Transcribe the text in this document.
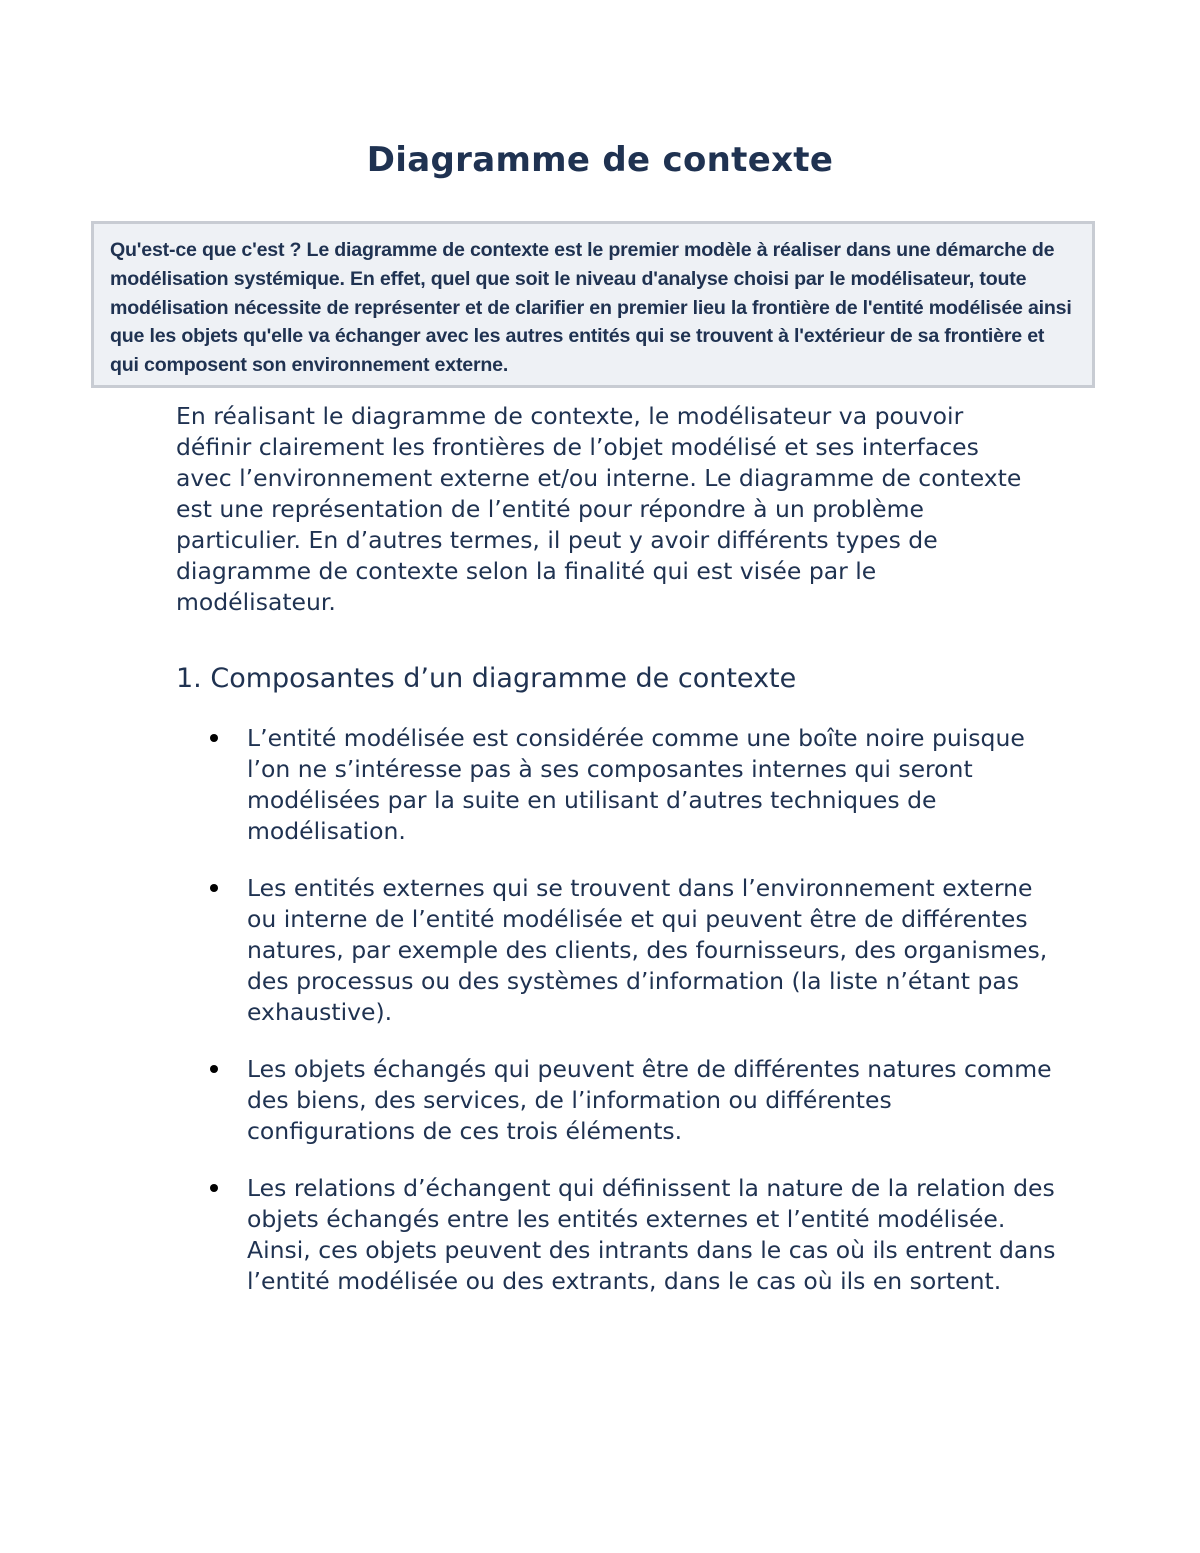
Diagramme de contexte

Qu'est-ce que c'est ? Le diagramme de contexte est le premier modèle à réaliser dans une démarche de modélisation systémique. En effet, quel que soit le niveau d'analyse choisi par le modélisateur, toute modélisation nécessite de représenter et de clarifier en premier lieu la frontière de l'entité modélisée ainsi que les objets qu'elle va échanger avec les autres entités qui se trouvent à l'extérieur de sa frontière et qui composent son environnement externe.

En réalisant le diagramme de contexte, le modélisateur va pouvoir définir clairement les frontières de l’objet modélisé et ses interfaces avec l’environnement externe et/ou interne. Le diagramme de contexte est une représentation de l’entité pour répondre à un problème particulier. En d’autres termes, il peut y avoir différents types de diagramme de contexte selon la finalité qui est visée par le modélisateur.

1. Composantes d’un diagramme de contexte
L’entité modélisée est considérée comme une boîte noire puisque l’on ne s’intéresse pas à ses composantes internes qui seront modélisées par la suite en utilisant d’autres techniques de modélisation.
Les entités externes qui se trouvent dans l’environnement externe ou interne de l’entité modélisée et qui peuvent être de différentes natures, par exemple des clients, des fournisseurs, des organismes, des processus ou des systèmes d’information (la liste n’étant pas exhaustive).
Les objets échangés qui peuvent être de différentes natures comme des biens, des services, de l’information ou différentes configurations de ces trois éléments.
Les relations d’échangent qui définissent la nature de la relation des objets échangés entre les entités externes et l’entité modélisée. Ainsi, ces objets peuvent des intrants dans le cas où ils entrent dans l’entité modélisée ou des extrants, dans le cas où ils en sortent.
